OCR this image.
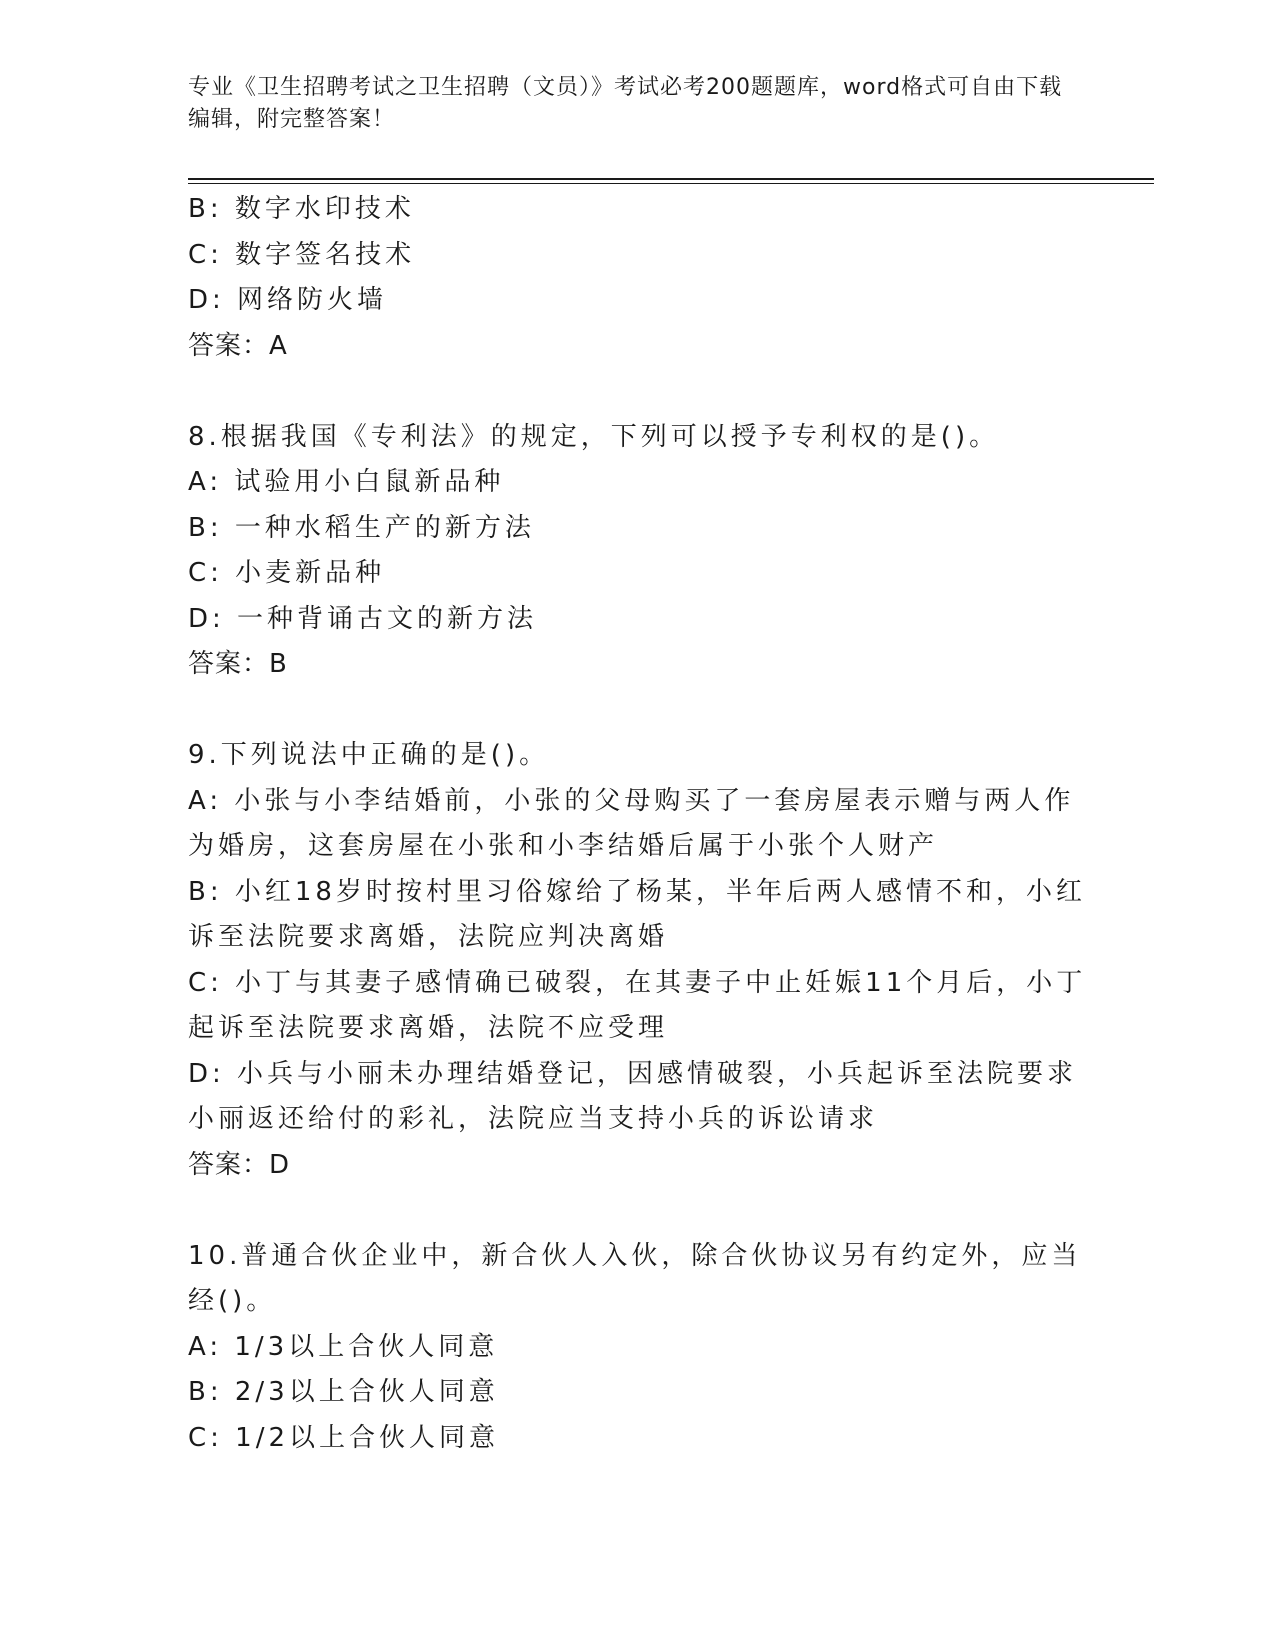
专业《卫生招聘考试之卫生招聘（文员）》考试必考200题题库，word格式可自由下载编辑，附完整答案！
B: 数字水印技术
C: 数字签名技术
D: 网络防火墙
答案：A
8.根据我国《专利法》的规定，下列可以授予专利权的是()。
A: 试验用小白鼠新品种
B: 一种水稻生产的新方法
C: 小麦新品种
D: 一种背诵古文的新方法
答案：B
9.下列说法中正确的是()。
A: 小张与小李结婚前，小张的父母购买了一套房屋表示赠与两人作为婚房，这套房屋在小张和小李结婚后属于小张个人财产
B: 小红18岁时按村里习俗嫁给了杨某，半年后两人感情不和，小红诉至法院要求离婚，法院应判决离婚
C: 小丁与其妻子感情确已破裂，在其妻子中止妊娠11个月后，小丁起诉至法院要求离婚，法院不应受理
D: 小兵与小丽未办理结婚登记，因感情破裂，小兵起诉至法院要求小丽返还给付的彩礼，法院应当支持小兵的诉讼请求
答案：D
10.普通合伙企业中，新合伙人入伙，除合伙协议另有约定外，应当经()。
A: 1/3以上合伙人同意
B: 2/3以上合伙人同意
C: 1/2以上合伙人同意
